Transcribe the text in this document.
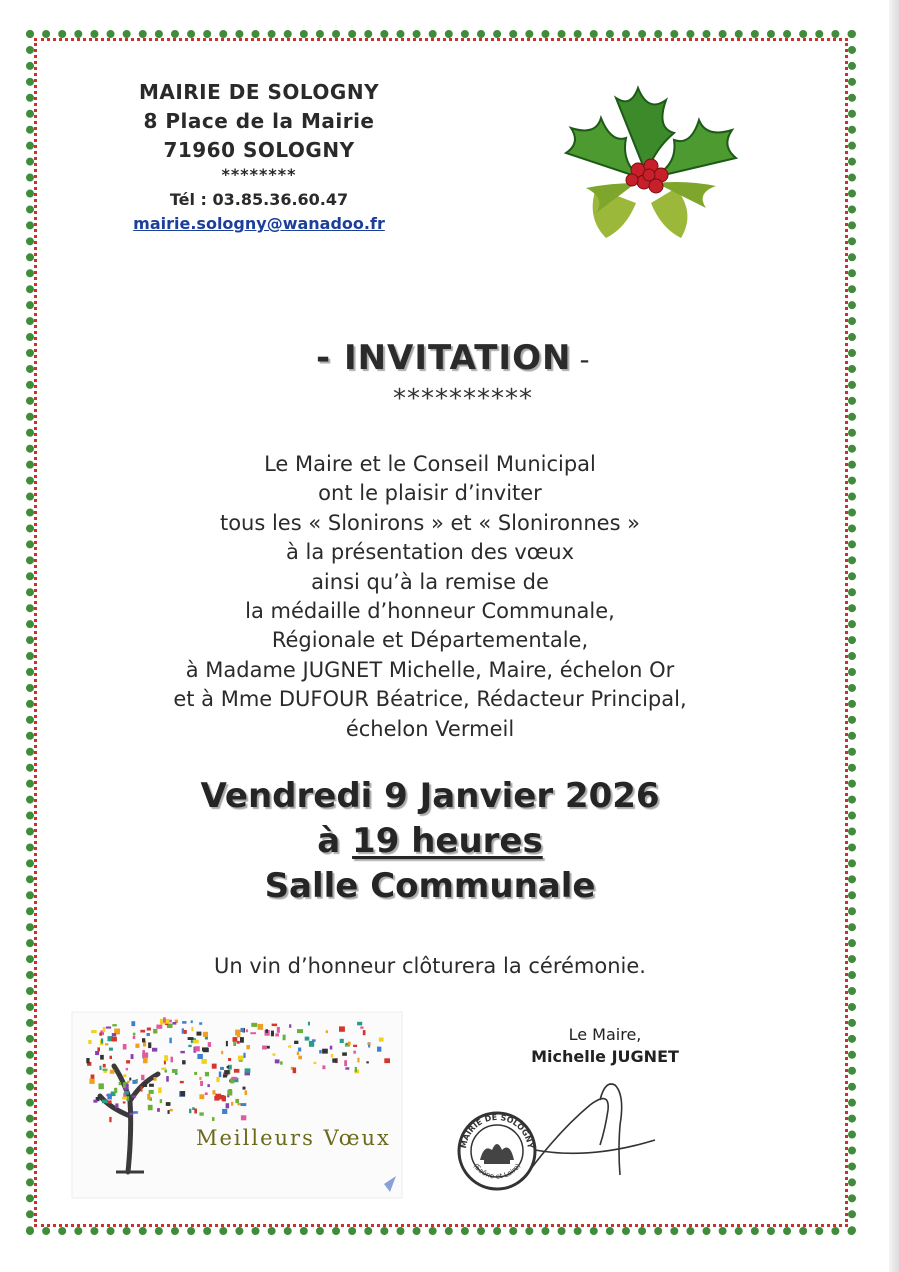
MAIRIE DE SOLOGNY
8 Place de la Mairie
71960 SOLOGNY
********
Tél : 03.85.36.60.47
mairie.sologny@wanadoo.fr
- INVITATION -
**********
Le Maire et le Conseil Municipal
ont le plaisir d’inviter
tous les « Slonirons » et « Slonironnes »
à la présentation des vœux
ainsi qu’à la remise de
la médaille d’honneur Communale,
Régionale et Départementale,
à Madame JUGNET Michelle, Maire, échelon Or
et à Mme DUFOUR Béatrice, Rédacteur Principal,
échelon Vermeil
Vendredi 9 Janvier 2026
à 19 heures
Salle Communale
Un vin d’honneur clôturera la cérémonie.
Le Maire,
Michelle JUGNET
MAIRIE DE SOLOGNY
(Saône et Loire)
Meilleurs Vœux
